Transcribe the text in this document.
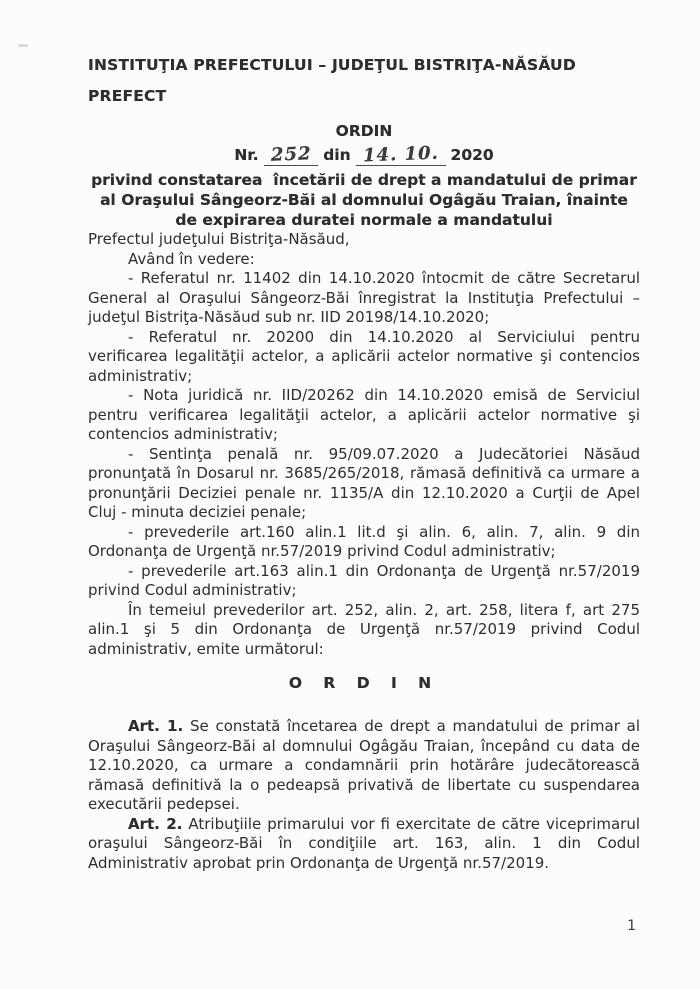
INSTITUŢIA PREFECTULUI – JUDEŢUL BISTRIŢA-NĂSĂUD

PREFECT

ORDIN

Nr. 252 din 14. 10. 2020

privind constatarea  încetării de drept a mandatului de primar al Oraşului Sângeorz-Băi al domnului Ogâgău Traian, înainte de expirarea duratei normale a mandatului

Prefectul judeţului Bistriţa-Năsăud,

Având în vedere:

- Referatul nr. 11402 din 14.10.2020 întocmit de către Secretarul General al Oraşului Sângeorz-Băi înregistrat la Instituţia Prefectului – judeţul Bistriţa-Năsăud sub nr. IID 20198/14.10.2020;

- Referatul nr. 20200 din 14.10.2020 al Serviciului pentru verificarea legalităţii actelor, a aplicării actelor normative şi contencios administrativ;

- Nota juridică nr. IID/20262 din 14.10.2020 emisă de Serviciul pentru verificarea legalităţii actelor, a aplicării actelor normative şi contencios administrativ;

- Sentinţa penală nr. 95/09.07.2020 a Judecătoriei Năsăud pronunţată în Dosarul nr. 3685/265/2018, rămasă definitivă ca urmare a pronunţării Deciziei penale nr. 1135/A din 12.10.2020 a Curţii de Apel Cluj - minuta deciziei penale;

- prevederile art.160 alin.1 lit.d şi alin. 6, alin. 7, alin. 9 din Ordonanţa de Urgenţă nr.57/2019 privind Codul administrativ;

- prevederile art.163 alin.1 din Ordonanţa de Urgenţă nr.57/2019 privind Codul administrativ;

În temeiul prevederilor art. 252, alin. 2, art. 258, litera f, art 275 alin.1 şi 5 din Ordonanţa de Urgenţă nr.57/2019 privind Codul administrativ, emite următorul:

O R D I N

Art. 1. Se constată încetarea de drept a mandatului de primar al Oraşului Sângeorz-Băi al domnului Ogâgău Traian, începând cu data de 12.10.2020, ca urmare a condamnării prin hotărâre judecătorească rămasă definitivă la o pedeapsă privativă de libertate cu suspendarea executării pedepsei.

Art. 2. Atribuţiile primarului vor fi exercitate de către viceprimarul oraşului Sângeorz-Băi în condiţiile art. 163, alin. 1 din Codul Administrativ aprobat prin Ordonanţa de Urgenţă nr.57/2019.

1
